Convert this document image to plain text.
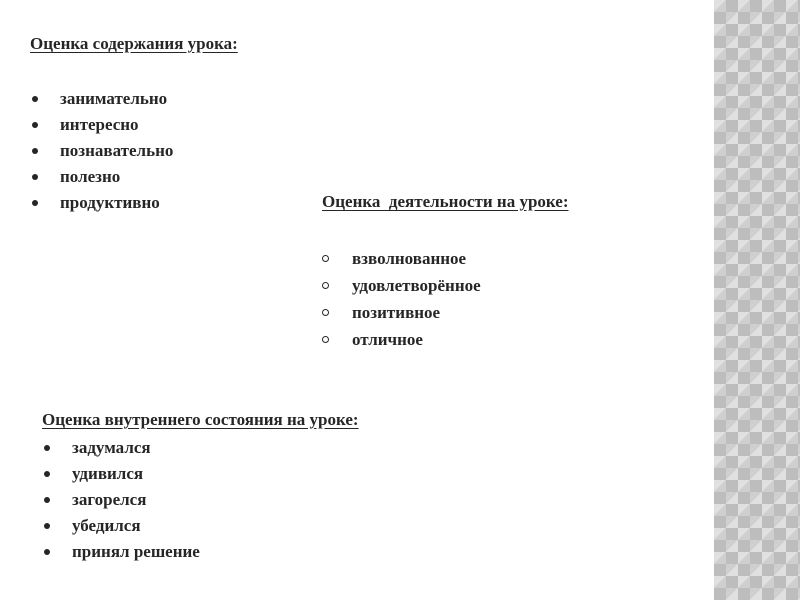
Оценка содержания урока:

занимательно
интересно
познавательно
полезно
продуктивно	Оценка  деятельности на уроке:

взволнованное
удовлетворённое
позитивное
отличное

Оценка внутреннего состояния на уроке:

задумался
удивился
загорелся
убедился
принял решение
